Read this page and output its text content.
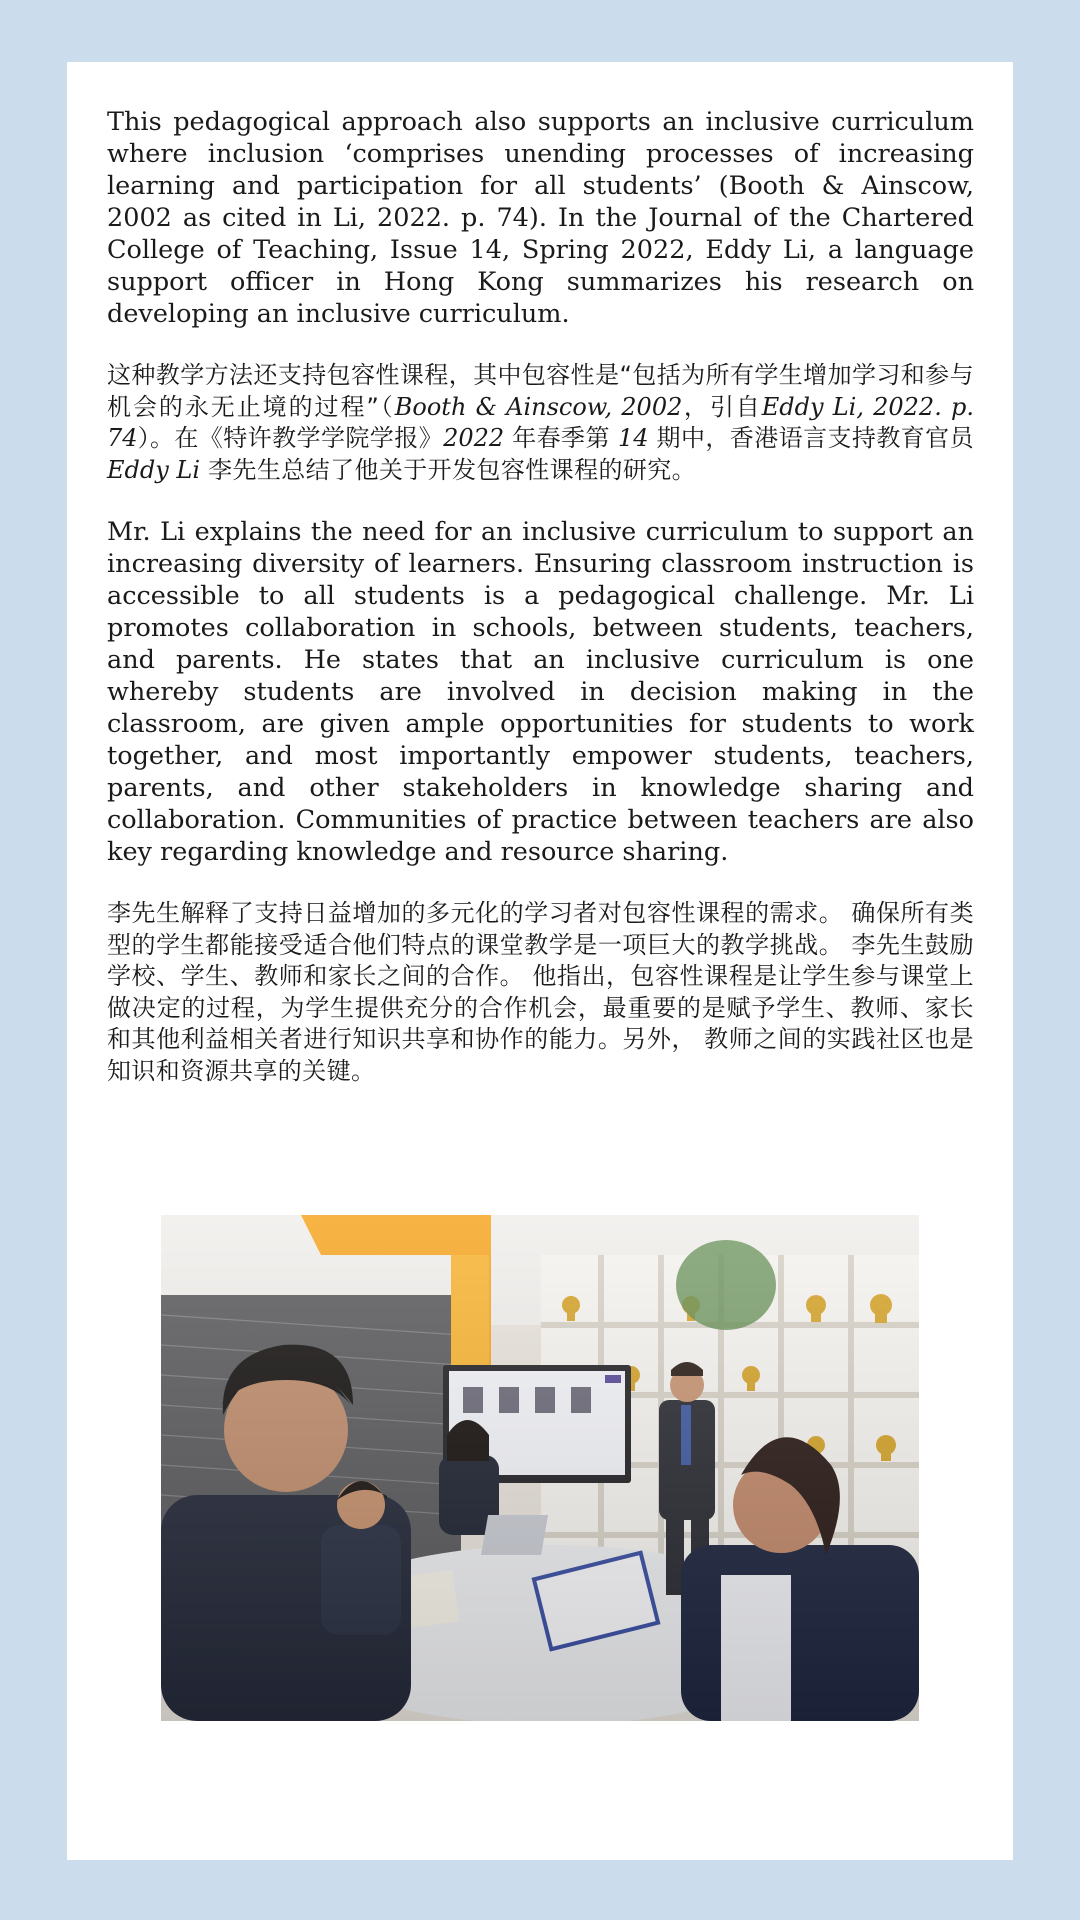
This pedagogical approach also supports an inclusive curriculum where inclusion ‘comprises unending processes of increasing learning and participation for all students’ (Booth & Ainscow, 2002 as cited in Li, 2022. p. 74). In the Journal of the Chartered College of Teaching, Issue 14, Spring 2022, Eddy Li, a language support officer in Hong Kong summarizes his research on developing an inclusive curriculum.

这种教学方法还支持包容性课程，其中包容性是“包括为所有学生增加学习和参与机会的永无止境的过程”（Booth & Ainscow, 2002，引自Eddy Li, 2022. p. 74）。在《特许教学学院学报》2022 年春季第 14 期中，香港语言支持教育官员 Eddy Li 李先生总结了他关于开发包容性课程的研究。

Mr. Li explains the need for an inclusive curriculum to support an increasing diversity of learners. Ensuring classroom instruction is accessible to all students is a pedagogical challenge. Mr. Li promotes collaboration in schools, between students, teachers, and parents. He states that an inclusive curriculum is one whereby students are involved in decision making in the classroom, are given ample opportunities for students to work together, and most importantly empower students, teachers, parents, and other stakeholders in knowledge sharing and collaboration. Communities of practice between teachers are also key regarding knowledge and resource sharing.

李先生解释了支持日益增加的多元化的学习者对包容性课程的需求。 确保所有类型的学生都能接受适合他们特点的课堂教学是一项巨大的教学挑战。 李先生鼓励学校、学生、教师和家长之间的合作。 他指出，包容性课程是让学生参与课堂上做决定的过程，为学生提供充分的合作机会，最重要的是赋予学生、教师、家长和其他利益相关者进行知识共享和协作的能力。另外， 教师之间的实践社区也是知识和资源共享的关键。
